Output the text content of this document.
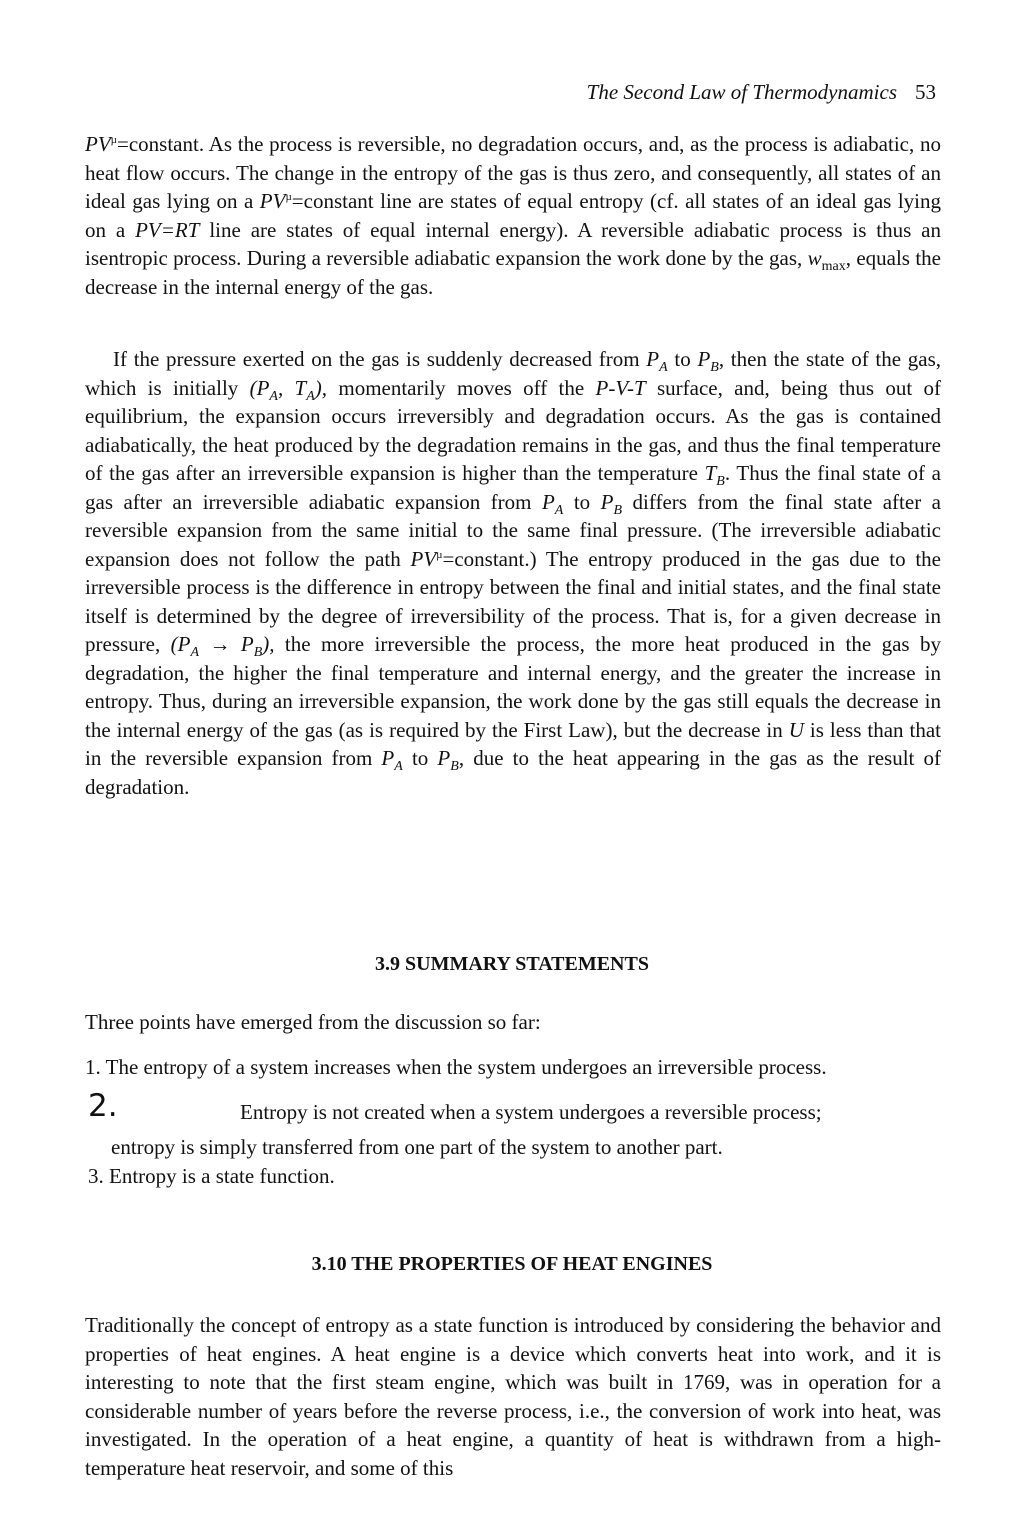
The Second Law of Thermodynamics 53

$PV^\mu=constant$. As the process is reversible, no degradation occurs, and, as the process is adiabatic, no heat flow occurs. The change in the entropy of the gas is thus zero, and consequently, all states of an ideal gas lying on a $PV^\mu=constant$ line are states of equal entropy (cf. all states of an ideal gas lying on a PV=RT line are states of equal internal energy). A reversible adiabatic process is thus an isentropic process. During a reversible adiabatic expansion the work done by the gas, $w_{max}$, equals the decrease in the internal energy of the gas.

If the pressure exerted on the gas is suddenly decreased from $P_A$ to $P_B$, then the state of the gas, which is initially ($P_A$, $T_A$), momentarily moves off the P-V-T surface, and, being thus out of equilibrium, the expansion occurs irreversibly and degradation occurs. As the gas is contained adiabatically, the heat produced by the degradation remains in the gas, and thus the final temperature of the gas after an irreversible expansion is higher than the temperature $T_B$. Thus the final state of a gas after an irreversible adiabatic expansion from $P_A$ to $P_B$ differs from the final state after a reversible expansion from the same initial to the same final pressure. (The irreversible adiabatic expansion does not follow the path $PV^\mu=constant$.) The entropy produced in the gas due to the irreversible process is the difference in entropy between the final and initial states, and the final state itself is determined by the degree of irreversibility of the process. That is, for a given decrease in pressure, $(P_A \to P_B)$, the more irreversible the process, the more heat produced in the gas by degradation, the higher the final temperature and internal energy, and the greater the increase in entropy. Thus, during an irreversible expansion, the work done by the gas still equals the decrease in the internal energy of the gas (as is required by the First Law), but the decrease in U is less than that in the reversible expansion from $P_A$ to $P_B$, due to the heat appearing in the gas as the result of degradation.

3.9 SUMMARY STATEMENTS

Three points have emerged from the discussion so far:

1. The entropy of a system increases when the system undergoes an irreversible process.

2.	Entropy is not created when a system undergoes a reversible process;

entropy is simply transferred from one part of the system to another part.

3. Entropy is a state function.

3.10 THE PROPERTIES OF HEAT ENGINES

Traditionally the concept of entropy as a state function is introduced by considering the behavior and properties of heat engines. A heat engine is a device which converts heat into work, and it is interesting to note that the first steam engine, which was built in 1769, was in operation for a considerable number of years before the reverse process, i.e., the conversion of work into heat, was investigated. In the operation of a heat engine, a quantity of heat is withdrawn from a high-temperature heat reservoir, and some of this
